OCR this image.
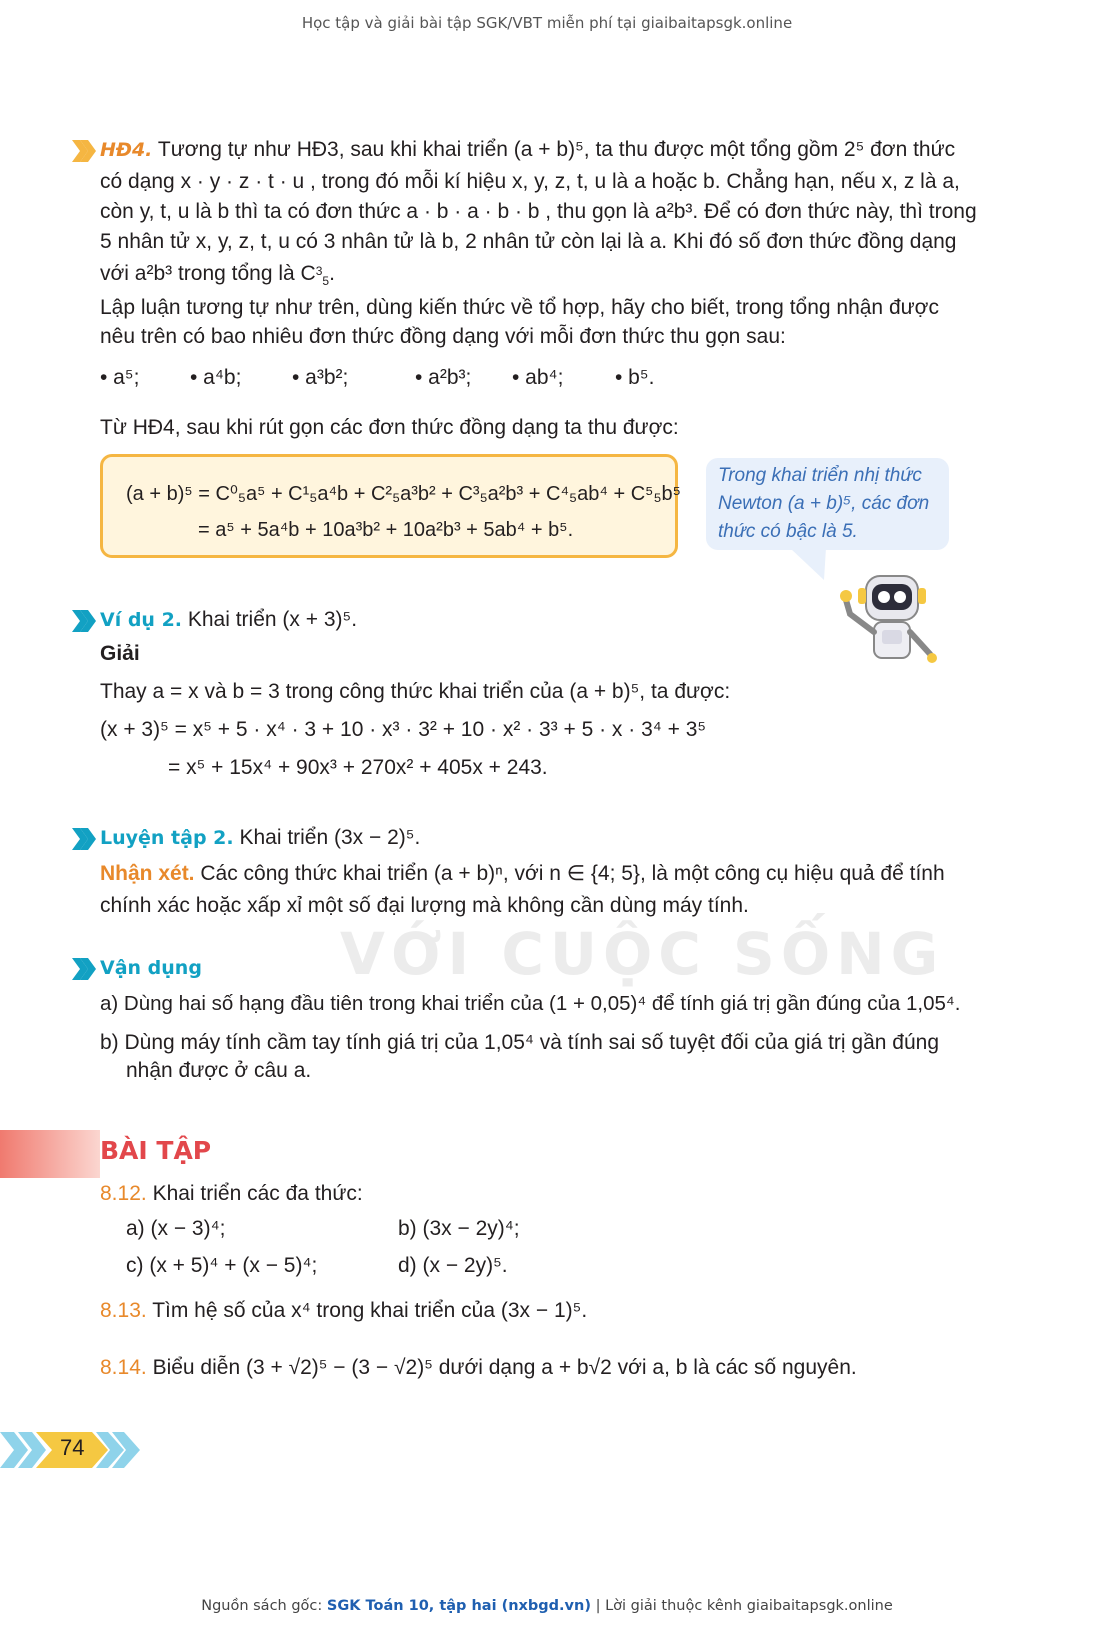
Học tập và giải bài tập SGK/VBT miễn phí tại giaibaitapsgk.online
HĐ4. Tương tự như HĐ3, sau khi khai triển (a + b)⁵, ta thu được một tổng gồm 2⁵ đơn thức
có dạng x · y · z · t · u , trong đó mỗi kí hiệu x, y, z, t, u là a hoặc b. Chẳng hạn, nếu x, z là a,
còn y, t, u là b thì ta có đơn thức a · b · a · b · b , thu gọn là a²b³. Để có đơn thức này, thì trong
5 nhân tử x, y, z, t, u có 3 nhân tử là b, 2 nhân tử còn lại là a. Khi đó số đơn thức đồng dạng
với a²b³ trong tổng là $C^3_5$.
Lập luận tương tự như trên, dùng kiến thức về tổ hợp, hãy cho biết, trong tổng nhận được
nêu trên có bao nhiêu đơn thức đồng dạng với mỗi đơn thức thu gọn sau:
• a⁵; • a⁴b; • a³b²;	• a²b³; • ab⁴; • b⁵.
Từ HĐ4, sau khi rút gọn các đơn thức đồng dạng ta thu được:
(a + b)⁵ = C⁰₅a⁵ + C¹₅a⁴b + C²₅a³b² + C³₅a²b³ + C⁴₅ab⁴ + C⁵₅b⁵
= a⁵ + 5a⁴b + 10a³b² + 10a²b³ + 5ab⁴ + b⁵.
Trong khai triển nhị thức Newton (a + b)⁵, các đơn thức có bậc là 5.
Ví dụ 2. Khai triển (x + 3)⁵.
Giải
Thay a = x và b = 3 trong công thức khai triển của (a + b)⁵, ta được:
(x + 3)⁵ = x⁵ + 5 · x⁴ · 3 + 10 · x³ · 3² + 10 · x² · 3³ + 5 · x · 3⁴ + 3⁵
= x⁵ + 15x⁴ + 90x³ + 270x² + 405x + 243.
Luyện tập 2. Khai triển (3x − 2)⁵.
VỚI CUỘC SỐNG
Nhận xét. Các công thức khai triển (a + b)ⁿ, với n ∈ {4; 5}, là một công cụ hiệu quả để tính
chính xác hoặc xấp xỉ một số đại lượng mà không cần dùng máy tính.
Vận dụng
a) Dùng hai số hạng đầu tiên trong khai triển của (1 + 0,05)⁴ để tính giá trị gần đúng của 1,05⁴.
b) Dùng máy tính cầm tay tính giá trị của 1,05⁴ và tính sai số tuyệt đối của giá trị gần đúng
nhận được ở câu a.
BÀI TẬP
8.12. Khai triển các đa thức:
a) (x − 3)⁴;	b) (3x − 2y)⁴;
c) (x + 5)⁴ + (x − 5)⁴;	d) (x − 2y)⁵.
8.13. Tìm hệ số của x⁴ trong khai triển của (3x − 1)⁵.
8.14. Biểu diễn (3 + √2)⁵ − (3 − √2)⁵ dưới dạng a + b√2 với a, b là các số nguyên.
74
Nguồn sách gốc: SGK Toán 10, tập hai (nxbgd.vn) | Lời giải thuộc kênh giaibaitapsgk.online
